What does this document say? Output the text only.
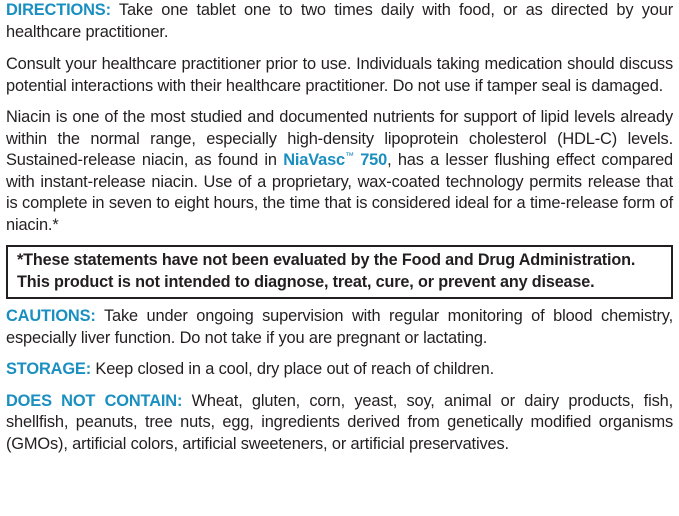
DIRECTIONS: Take one tablet one to two times daily with food, or as directed by your healthcare practitioner.

Consult your healthcare practitioner prior to use. Individuals taking medication should discuss potential interactions with their healthcare practitioner. Do not use if tamper seal is damaged.

Niacin is one of the most studied and documented nutrients for support of lipid levels already within the normal range, especially high-density lipoprotein cholesterol (HDL-C) levels. Sustained-release niacin, as found in NiaVasc™ 750, has a lesser flushing effect compared with instant-release niacin. Use of a proprietary, wax-coated technology permits release that is complete in seven to eight hours, the time that is considered ideal for a time-release form of niacin.*

*These statements have not been evaluated by the Food and Drug Administration.
This product is not intended to diagnose, treat, cure, or prevent any disease.

CAUTIONS: Take under ongoing supervision with regular monitoring of blood chemistry, especially liver function. Do not take if you are pregnant or lactating.

STORAGE: Keep closed in a cool, dry place out of reach of children.

DOES NOT CONTAIN: Wheat, gluten, corn, yeast, soy, animal or dairy products, fish, shellfish, peanuts, tree nuts, egg, ingredients derived from genetically modified organisms (GMOs), artificial colors, artificial sweeteners, or artificial preservatives.
